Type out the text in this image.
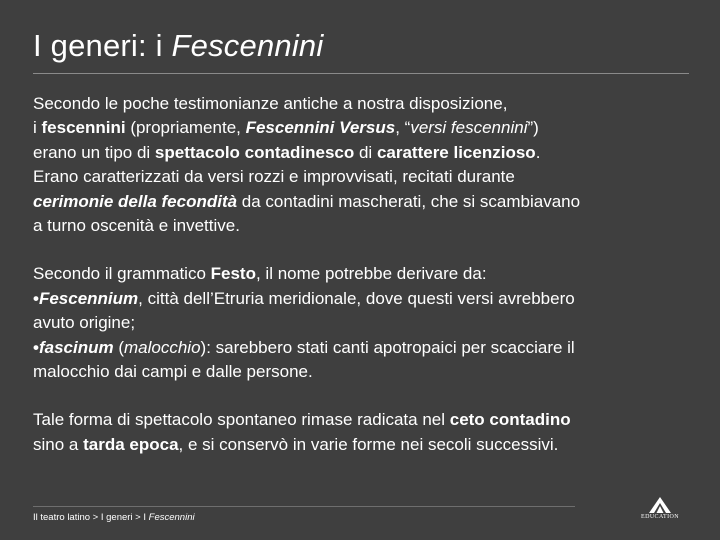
I generi: i Fescennini

Secondo le poche testimonianze antiche a nostra disposizione,
i fescennini (propriamente, Fescennini Versus, “versi fescennini”)
erano un tipo di spettacolo contadinesco di carattere licenzioso.
Erano caratterizzati da versi rozzi e improvvisati, recitati durante
cerimonie della fecondità da contadini mascherati, che si scambiavano
a turno oscenità e invettive.

Secondo il grammatico Festo, il nome potrebbe derivare da:
•Fescennium, città dell’Etruria meridionale, dove questi versi avrebbero
avuto origine;
•fascinum (malocchio): sarebbero stati canti apotropaici per scacciare il
malocchio dai campi e dalle persone.

Tale forma di spettacolo spontaneo rimase radicata nel ceto contadino
sino a tarda epoca, e si conservò in varie forme nei secoli successivi.

Il teatro latino > I generi > I Fescennini	EDUCATION
